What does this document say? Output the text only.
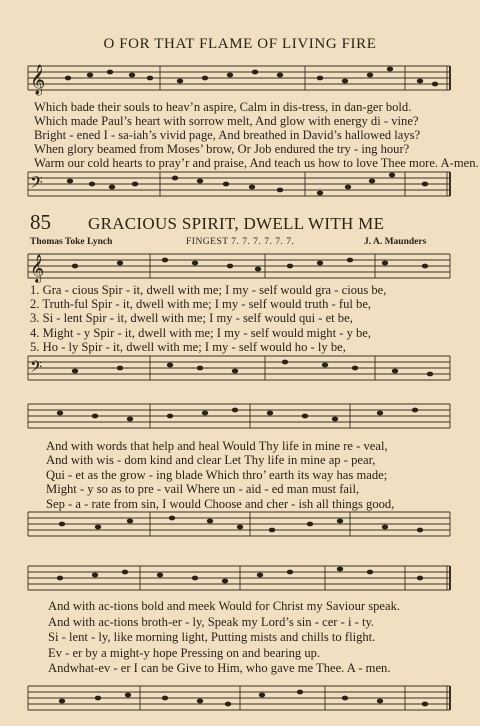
O FOR THAT FLAME OF LIVING FIRE
𝄞

Which bade their souls to heav’n aspire, Calm in dis-tress, in dan-ger bold.

Which made Paul’s heart with sorrow melt, And glow with energy di - vine?

Bright - ened I - sa-iah’s vivid page, And breathed in David’s hallowed lays?

When glory beamed from Moses’ brow, Or Job endured the try - ing hour?

Warm our cold hearts to pray’r and praise, And teach us how to love Thee more. A-men.

𝄢
85 GRACIOUS SPIRIT, DWELL WITH ME
Thomas Toke Lynch	FINGEST 7. 7. 7. 7. 7. 7.	J. A. Maunders
𝄞

1. Gra - cious Spir - it, dwell with me; I my - self would gra - cious be,

2. Truth-ful Spir - it, dwell with me; I my - self would truth - ful be,

3. Si - lent Spir - it, dwell with me; I my - self would qui - et be,

4. Might - y Spir - it, dwell with me; I my - self would might - y be,

5. Ho - ly Spir - it, dwell with me; I my - self would ho - ly be,

𝄢

And with words that help and heal Would Thy life in mine re - veal,

And with wis - dom kind and clear Let Thy life in mine ap - pear,

Qui - et as the grow - ing blade Which thro’ earth its way has made;

Might - y so as to pre - vail Where un - aid - ed man must fail,

Sep - a - rate from sin, I would Choose and cher - ish all things good,

And with ac-tions bold and meek Would for Christ my Saviour speak.

And with ac-tions broth-er - ly, Speak my Lord’s sin - cer - i - ty.

Si - lent - ly, like morning light, Putting mists and chills to flight.

Ev - er by a might-y hope Pressing on and bearing up.

Andwhat-ev - er I can be Give to Him, who gave me Thee. A - men.
